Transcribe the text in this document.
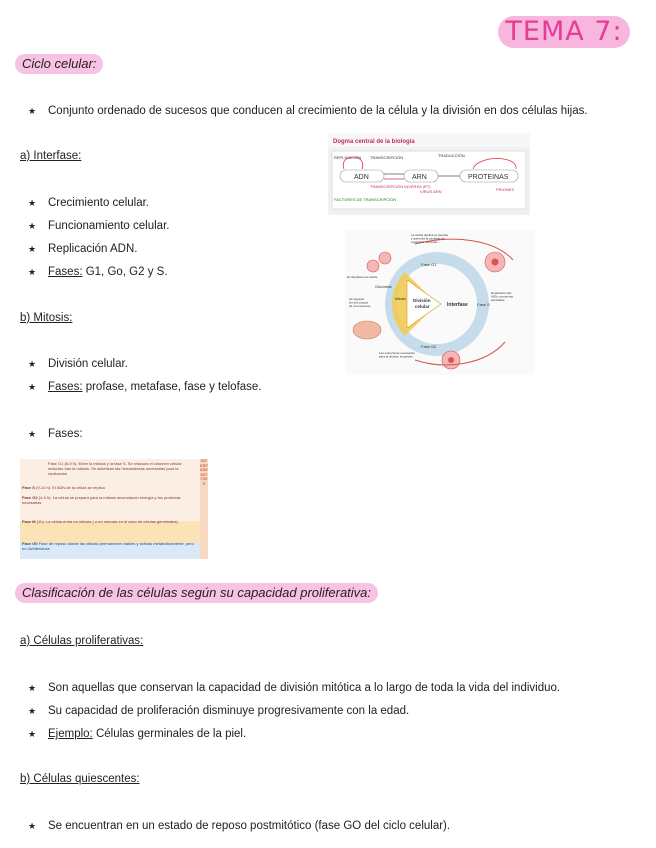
TEMA 7:
Ciclo celular:
★ Conjunto ordenado de sucesos que conducen al crecimiento de la célula y la división en dos células hijas.
a) Interfase:
★ Crecimiento celular.
★ Funcionamiento celular.
★ Replicación ADN.
★ Fases: G1, Go, G2 y S.
b) Mitosis:
★ División celular.
★ Fases: profase, metafase, fase y telofase.
★ Fases:
Dogma central de la biología
REPLICACIÓN TRANSCRIPCIÓN	TRADUCCIÓN
ADN	ARN	PROTEINAS
TRANSCRIPCIÓN INVERSA (RT)
VIRUS ARN	PRIONES
FACTORES DE TRANSCRIPCIÓN
División
celular	Interfase
Fase G1
Fase G2
Fase S
Mitosis
Citocinesis
La célula duplica su tamaño y aumenta la cantidad de orgánulos, enzimas...
Duplicación del ADN y proteínas asociadas
Las estructuras necesarias para la división empiezan
El citoplasma se divide
Se separan los dos juegos de cromosomas
INTERFASE
MITOSIS
Fase G1 (8-9 h). Entre la mitosis y la fase S. Se restaura el volumen celular reducido tras la mitosis. Se sintetizan las herramientas necesarias para la replicación
Fase S (9-10 h). El ADN de la célula se replica
Fase G2 (4-5 h). La célula se prepara para la mitosis acumulando energía y las proteínas necesarias
Fase M (1h). La célula entra en mitosis ( o en meiosis en el caso de células germinales)
Fase G0 Fase de reposo donde las células permanecen viables y activas metabólicamente, pero no dividiéndose
Clasificación de las células según su capacidad proliferativa:
a) Células proliferativas:
★ Son aquellas que conservan la capacidad de división mitótica a lo largo de toda la vida del individuo.
★ Su capacidad de proliferación disminuye progresivamente con la edad.
★ Ejemplo: Células germinales de la piel.
b) Células quiescentes:
★ Se encuentran en un estado de reposo postmitótico (fase GO del ciclo celular).
